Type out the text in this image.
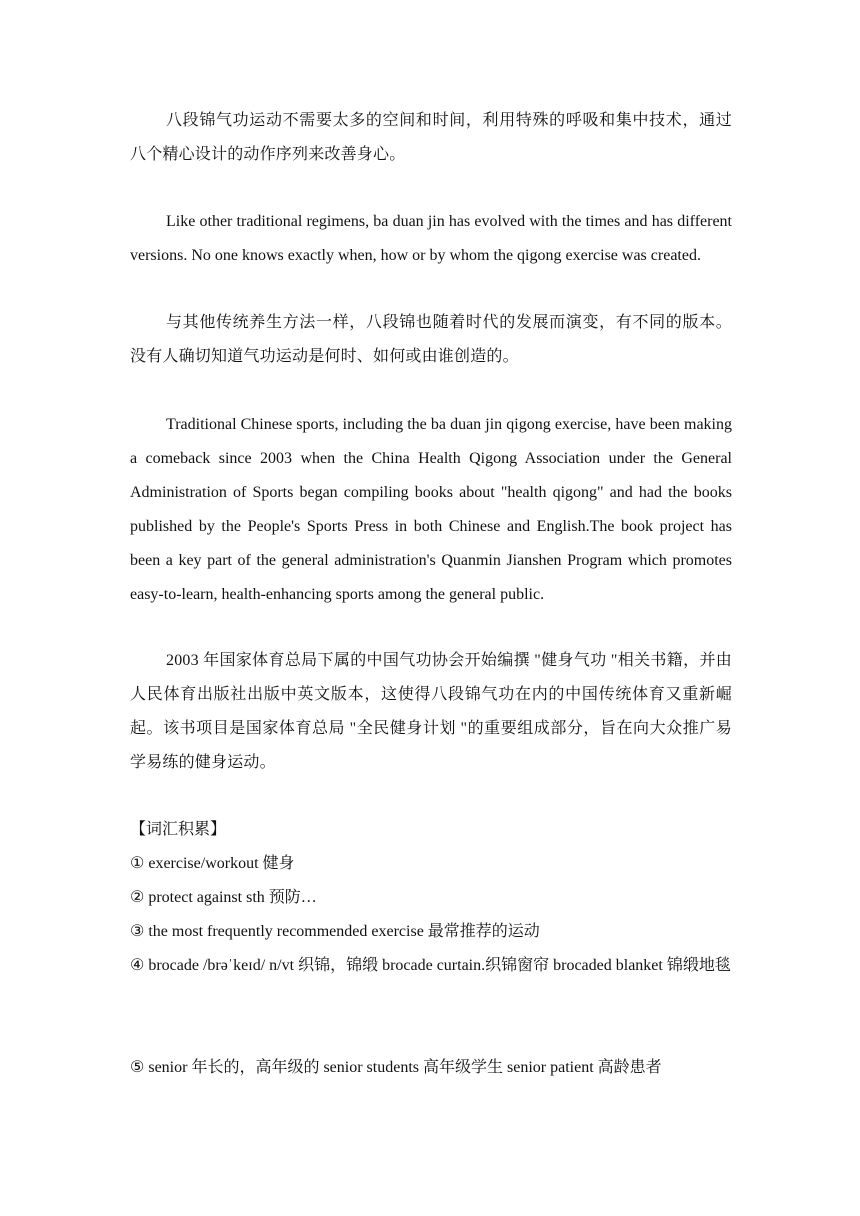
八段锦气功运动不需要太多的空间和时间，利用特殊的呼吸和集中技术，通过八个精心设计的动作序列来改善身心。

Like other traditional regimens, ba duan jin has evolved with the times and has different versions. No one knows exactly when, how or by whom the qigong exercise was created.

与其他传统养生方法一样，八段锦也随着时代的发展而演变，有不同的版本。没有人确切知道气功运动是何时、如何或由谁创造的。

Traditional Chinese sports, including the ba duan jin qigong exercise, have been making a comeback since 2003 when the China Health Qigong Association under the General Administration of Sports began compiling books about "health qigong" and had the books published by the People's Sports Press in both Chinese and English.The book project has been a key part of the general administration's Quanmin Jianshen Program which promotes easy-to-learn, health-enhancing sports among the general public.

2003 年国家体育总局下属的中国气功协会开始编撰 "健身气功 "相关书籍，并由人民体育出版社出版中英文版本，这使得八段锦气功在内的中国传统体育又重新崛起。该书项目是国家体育总局 "全民健身计划 "的重要组成部分，旨在向大众推广易学易练的健身运动。

【词汇积累】

① exercise/workout 健身

② protect against sth 预防…

③ the most frequently recommended exercise 最常推荐的运动

④ brocade /brəˈkeɪd/ n/vt 织锦，锦缎 brocade curtain.织锦窗帘 brocaded blanket 锦缎地毯

⑤ senior 年长的，高年级的 senior students 高年级学生 senior patient 高龄患者
